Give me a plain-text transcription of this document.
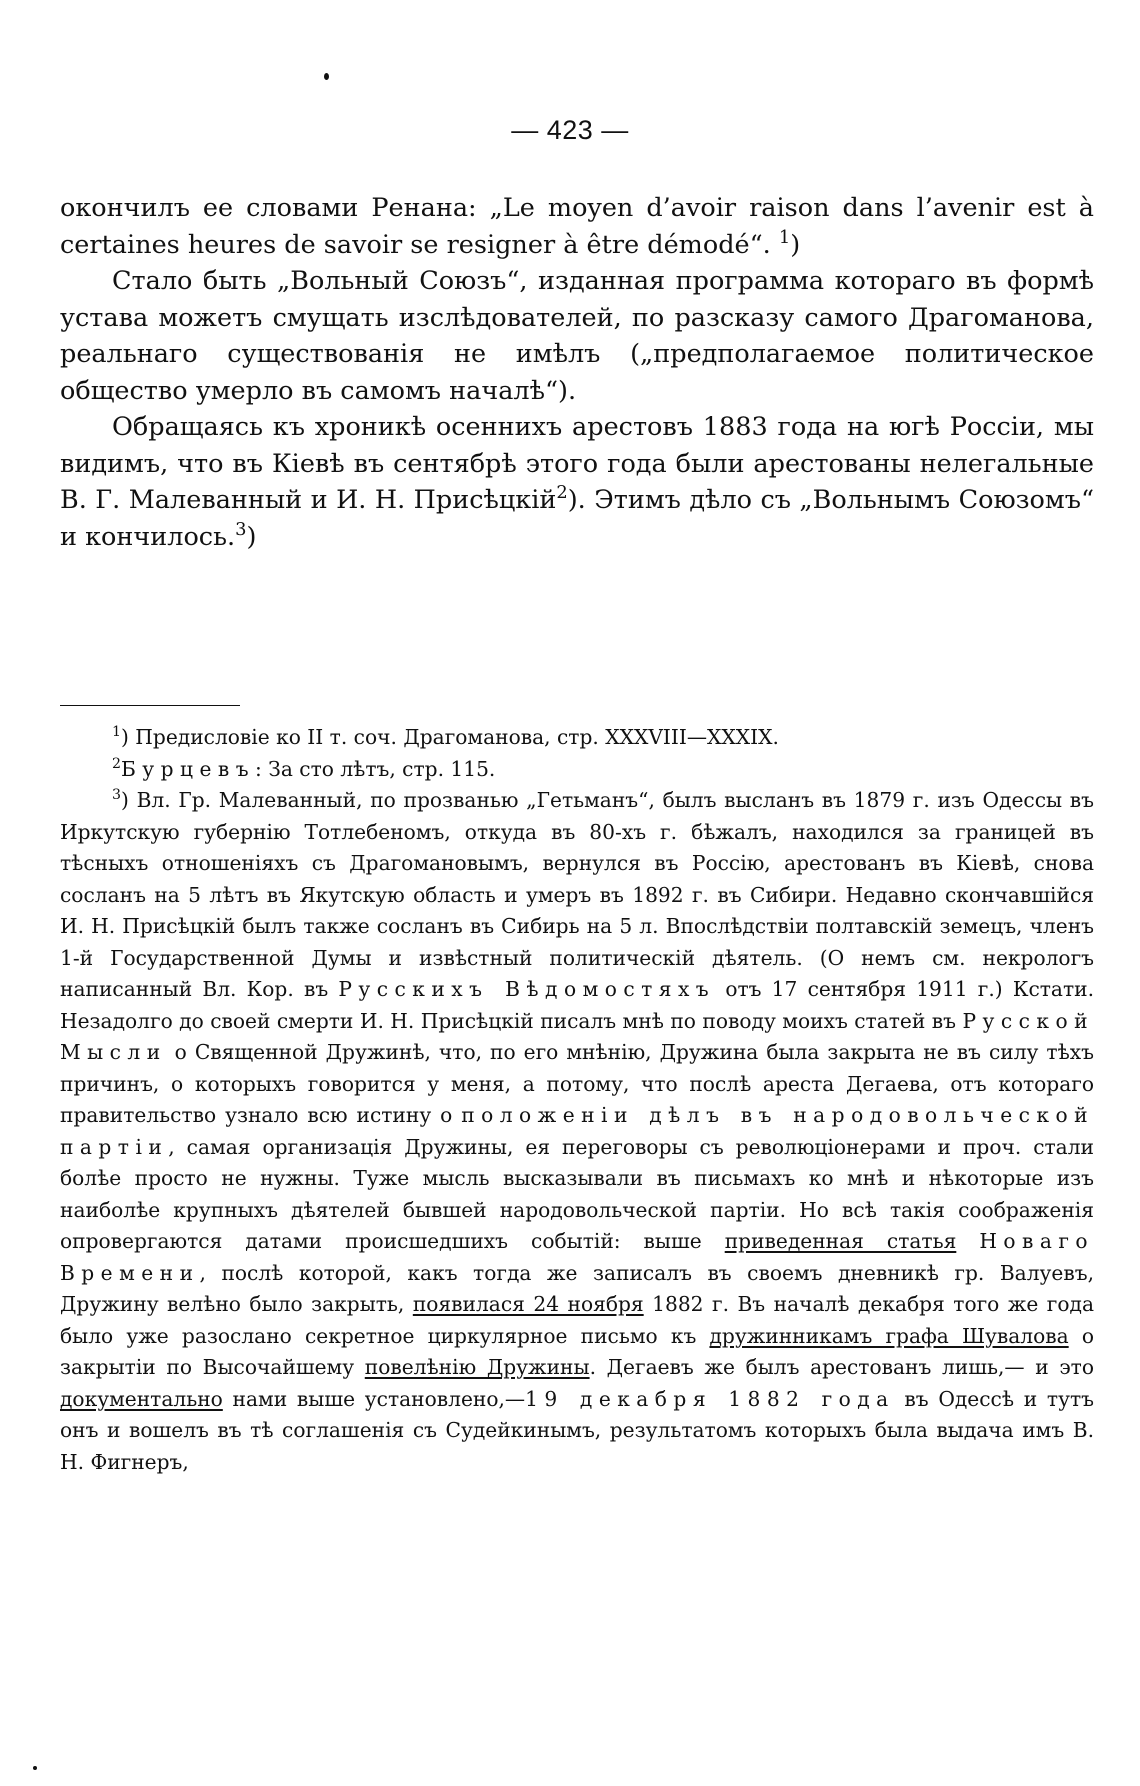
— 423 —

окончилъ ее словами Ренана: „Le moyen d’avoir raison dans l’avenir est à certaines heures de savoir se resigner à être démodé“. $^1$)

Стало быть „Вольный Союзъ“, изданная программа котораго въ формѣ устава можетъ смущать изслѣдователей, по разсказу самого Драгоманова, реальнаго существованія не имѣлъ („предполагаемое политическое общество умерло въ самомъ началѣ“).

Обращаясь къ хроникѣ осеннихъ арестовъ 1883 года на югѣ Россіи, мы видимъ, что въ Кіевѣ въ сентябрѣ этого года были арестованы нелегальные В. Г. Малеванный и И. Н. Присѣцкій$^2$). Этимъ дѣло съ „Вольнымъ Союзомъ“ и кончилось.$^3$)

$^1$) Предисловіе ко II т. соч. Драгоманова, стр. XXXVIII—XXXIX.

$^2$Бурцевъ: За сто лѣтъ, стр. 115.

$^3$) Вл. Гр. Малеванный, по прозванью „Гетьманъ“, былъ высланъ въ 1879 г. изъ Одессы въ Иркутскую губернію Тотлебеномъ, откуда въ 80-хъ г. бѣжалъ, находился за границей въ тѣсныхъ отношеніяхъ съ Драгомановымъ, вернулся въ Россію, арестованъ въ Кіевѣ, снова сосланъ на 5 лѣтъ въ Якутскую область и умеръ въ 1892 г. въ Сибири. Недавно скончавшійся И. Н. Присѣцкій былъ также сосланъ въ Сибирь на 5 л. Впослѣдствіи полтавскій земецъ, членъ 1-й Государственной Думы и извѣстный политическій дѣятель. (О немъ см. некрологъ написанный Вл. Кор. въ Русскихъ Вѣдомостяхъ отъ 17 сентября 1911 г.) Кстати. Незадолго до своей смерти И. Н. Присѣцкій писалъ мнѣ по поводу моихъ статей въ Русской Мысли о Священной Дружинѣ, что, по его мнѣнію, Дружина была закрыта не въ силу тѣхъ причинъ, о которыхъ говорится у меня, а потому, что послѣ ареста Дегаева, отъ котораго правительство узнало всю истину о положеніи дѣлъ въ народовольческой партіи, самая организація Дружины, ея переговоры съ революціонерами и проч. стали болѣе просто не нужны. Туже мысль высказывали въ письмахъ ко мнѣ и нѣкоторые изъ наиболѣе крупныхъ дѣятелей бывшей народовольческой партіи. Но всѣ такія соображенія опровергаются датами происшедшихъ событій: выше приведенная статья Новаго Времени, послѣ которой, какъ тогда же записалъ въ своемъ дневникѣ гр. Валуевъ, Дружину велѣно было закрыть, появилася 24 ноября 1882 г. Въ началѣ декабря того же года было уже разослано секретное циркулярное письмо къ дружинникамъ графа Шувалова о закрытіи по Высочайшему повелѣнію Дружины. Дегаевъ же былъ арестованъ лишь,— и это документально нами выше установлено,—19 декабря 1882 года въ Одессѣ и тутъ онъ и вошелъ въ тѣ соглашенія съ Судейкинымъ, результатомъ которыхъ была выдача имъ В. Н. Фигнеръ,
